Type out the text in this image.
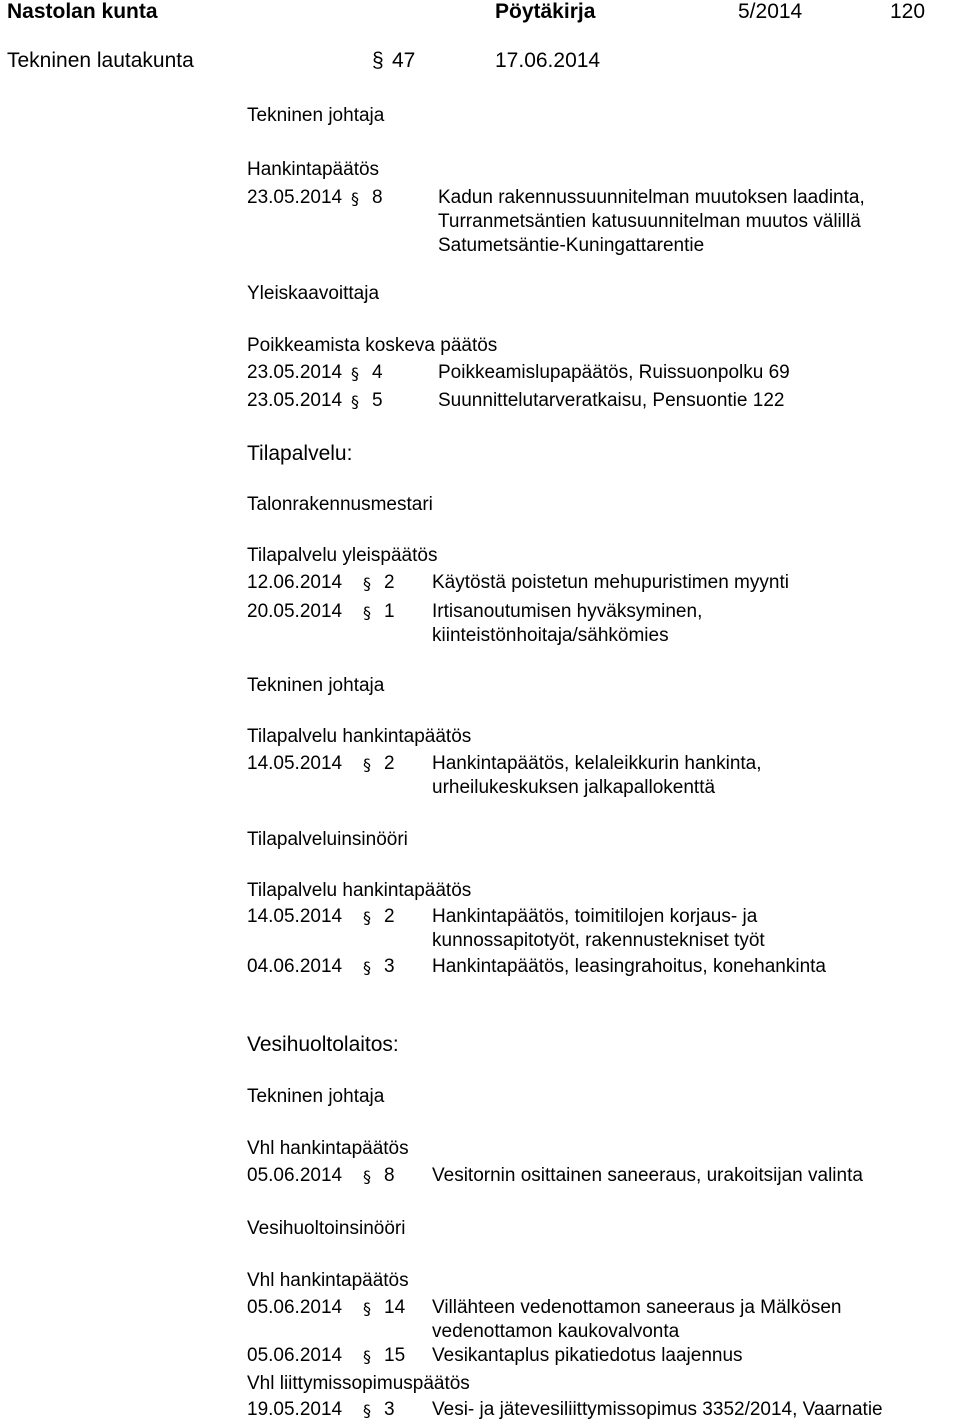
Nastolan kunta	Pöytäkirja	5/2014	120
Tekninen lautakunta	§ 47	17.06.2014
Tekninen johtaja
Hankintapäätös
23.05.2014 § 8	Kadun rakennussuunnitelman muutoksen laadinta,
Turranmetsäntien katusuunnitelman muutos välillä
Satumetsäntie-Kuningattarentie
Yleiskaavoittaja
Poikkeamista koskeva päätös
23.05.2014 § 4	Poikkeamislupapäätös, Ruissuonpolku 69
23.05.2014 § 5	Suunnittelutarveratkaisu, Pensuontie 122
Tilapalvelu:
Talonrakennusmestari
Tilapalvelu yleispäätös
12.06.2014 § 2 Käytöstä poistetun mehupuristimen myynti
20.05.2014 § 1 Irtisanoutumisen hyväksyminen,
kiinteistönhoitaja/sähkömies
Tekninen johtaja
Tilapalvelu hankintapäätös
14.05.2014 § 2 Hankintapäätös, kelaleikkurin hankinta,
urheilukeskuksen jalkapallokenttä
Tilapalveluinsinööri
Tilapalvelu hankintapäätös
14.05.2014 § 2 Hankintapäätös, toimitilojen korjaus- ja
kunnossapitotyöt, rakennustekniset työt
04.06.2014 § 3 Hankintapäätös, leasingrahoitus, konehankinta
Vesihuoltolaitos:
Tekninen johtaja
Vhl hankintapäätös
05.06.2014 § 8 Vesitornin osittainen saneeraus, urakoitsijan valinta
Vesihuoltoinsinööri
Vhl hankintapäätös
05.06.2014 § 14 Villähteen vedenottamon saneeraus ja Mälkösen
vedenottamon kaukovalvonta
05.06.2014 § 15 Vesikantaplus pikatiedotus laajennus
Vhl liittymissopimuspäätös
19.05.2014 § 3 Vesi- ja jätevesiliittymissopimus 3352/2014, Vaarnatie
